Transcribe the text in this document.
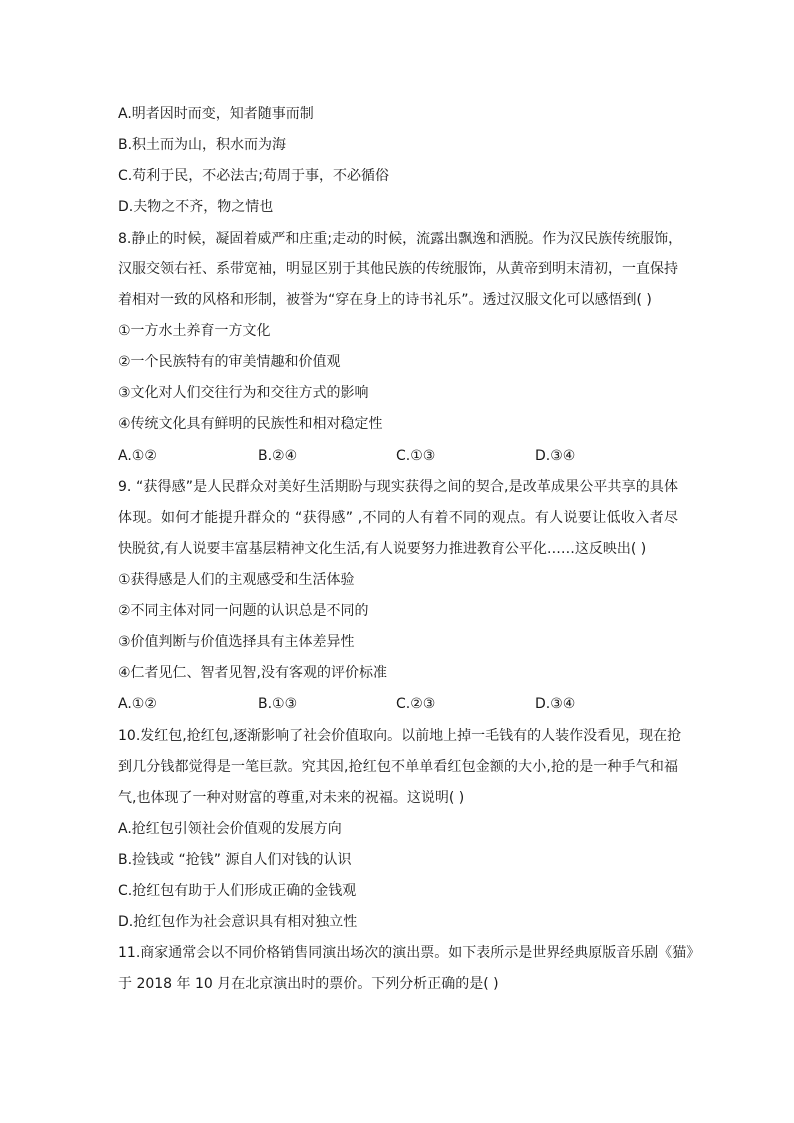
A.明者因时而变，知者随事而制
B.积土而为山，积水而为海
C.苟利于民，不必法古;苟周于事，不必循俗
D.夫物之不齐，物之情也
8.静止的时候，凝固着威严和庄重;走动的时候，流露出飘逸和洒脱。作为汉民族传统服饰，
汉服交领右衽、系带宽袖，明显区别于其他民族的传统服饰，从黄帝到明末清初，一直保持
着相对一致的风格和形制，被誉为“穿在身上的诗书礼乐”。透过汉服文化可以感悟到( )
①一方水土养育一方文化
②一个民族特有的审美情趣和价值观
③文化对人们交往行为和交往方式的影响
④传统文化具有鲜明的民族性和相对稳定性
A.①②	B.②④	C.①③	D.③④
9. “获得感”是人民群众对美好生活期盼与现实获得之间的契合,是改革成果公平共享的具体
体现。如何才能提升群众的 “获得感” ,不同的人有着不同的观点。有人说要让低收入者尽
快脱贫,有人说要丰富基层精神文化生活,有人说要努力推进教育公平化……这反映出( )
①获得感是人们的主观感受和生活体验
②不同主体对同一问题的认识总是不同的
③价值判断与价值选择具有主体差异性
④仁者见仁、智者见智,没有客观的评价标准
A.①②	B.①③	C.②③	D.③④
10.发红包,抢红包,逐渐影响了社会价值取向。以前地上掉一毛钱有的人装作没看见，现在抢
到几分钱都觉得是一笔巨款。究其因,抢红包不单单看红包金额的大小,抢的是一种手气和福
气,也体现了一种对财富的尊重,对未来的祝福。这说明( )
A.抢红包引领社会价值观的发展方向
B.捡钱或 “抢钱” 源自人们对钱的认识
C.抢红包有助于人们形成正确的金钱观
D.抢红包作为社会意识具有相对独立性
11.商家通常会以不同价格销售同演出场次的演出票。如下表所示是世界经典原版音乐剧《猫》
于 2018 年 10 月在北京演出时的票价。下列分析正确的是( )
